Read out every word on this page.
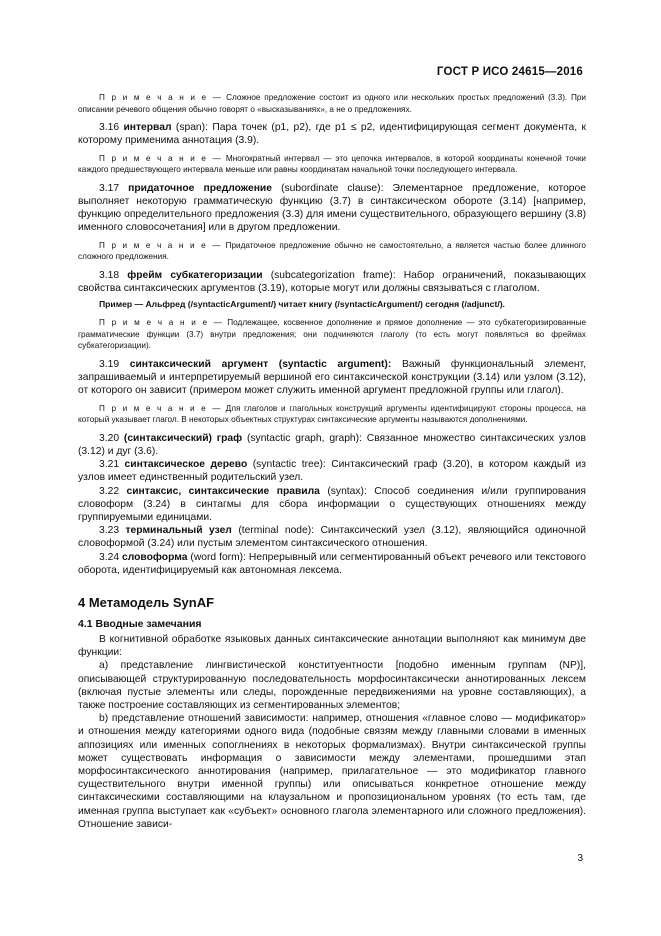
ГОСТ Р ИСО 24615—2016

П р и м е ч а н и е — Сложное предложение состоит из одного или нескольких простых предложений (3.3). При описании речевого общения обычно говорят о «высказываниях», а не о предложениях.

3.16 интервал (span): Пара точек (p1, p2), где p1 ≤ p2, идентифицирующая сегмент документа, к которому применима аннотация (3.9).

П р и м е ч а н и е — Многократный интервал — это цепочка интервалов, в которой координаты конечной точки каждого предшествующего интервала меньше или равны координатам начальной точки последующего интервала.

3.17 придаточное предложение (subordinate clause): Элементарное предложение, которое выполняет некоторую грамматическую функцию (3.7) в синтаксическом обороте (3.14) [например, функцию определительного предложения (3.3) для имени существительного, образующего вершину (3.8) именного словосочетания] или в другом предложении.

П р и м е ч а н и е — Придаточное предложение обычно не самостоятельно, а является частью более длинного сложного предложения.

3.18 фрейм субкатегоризации (subcategorization frame): Набор ограничений, показывающих свойства синтаксических аргументов (3.19), которые могут или должны связываться с глаголом.

Пример — Альфред (/syntacticArgument/) читает книгу (/syntacticArgument/) сегодня (/adjunct/).

П р и м е ч а н и е — Подлежащее, косвенное дополнение и прямое дополнение — это субкатегоризированные грамматические функции (3.7) внутри предложения; они подчиняются глаголу (то есть могут появляться во фреймах субкатегоризации).

3.19 синтаксический аргумент (syntactic argument): Важный функциональный элемент, запрашиваемый и интерпретируемый вершиной его синтаксической конструкции (3.14) или узлом (3.12), от которого он зависит (примером может служить именной аргумент предложной группы или глагол).

П р и м е ч а н и е — Для глаголов и глагольных конструкций аргументы идентифицируют стороны процесса, на который указывает глагол. В некоторых объектных структурах синтаксические аргументы называются дополнениями.

3.20 (синтаксический) граф (syntactic graph, graph): Связанное множество синтаксических узлов (3.12) и дуг (3.6).

3.21 синтаксическое дерево (syntactic tree): Синтаксический граф (3.20), в котором каждый из узлов имеет единственный родительский узел.

3.22 синтаксис, синтаксические правила (syntax): Способ соединения и/или группирования словоформ (3.24) в синтагмы для сбора информации о существующих отношениях между группируемыми единицами.

3.23 терминальный узел (terminal node): Синтаксический узел (3.12), являющийся одиночной словоформой (3.24) или пустым элементом синтаксического отношения.

3.24 словоформа (word form): Непрерывный или сегментированный объект речевого или текстового оборота, идентифицируемый как автономная лексема.

4 Метамодель SynAF
4.1 Вводные замечания

В когнитивной обработке языковых данных синтаксические аннотации выполняют как минимум две функции:

a) представление лингвистической конституентности [подобно именным группам (NP)], описывающей структурированную последовательность морфосинтаксически аннотированных лексем (включая пустые элементы или следы, порожденные передвижениями на уровне составляющих), а также построение составляющих из сегментированных элементов;

b) представление отношений зависимости: например, отношения «главное слово — модификатор» и отношения между категориями одного вида (подобные связям между главными словами в именных аппозициях или именных сопоглнениях в некоторых формализмах). Внутри синтаксической группы может существовать информация о зависимости между элементами, прошедшими этап морфосинтаксического аннотирования (например, прилагательное — это модификатор главного существительного внутри именной группы) или описываться конкретное отношение между синтаксическими составляющими на клаузальном и пропозициональном уровнях (то есть там, где именная группа выступает как «субъект» основного глагола элементарного или сложного предложения). Отношение зависи-

3
